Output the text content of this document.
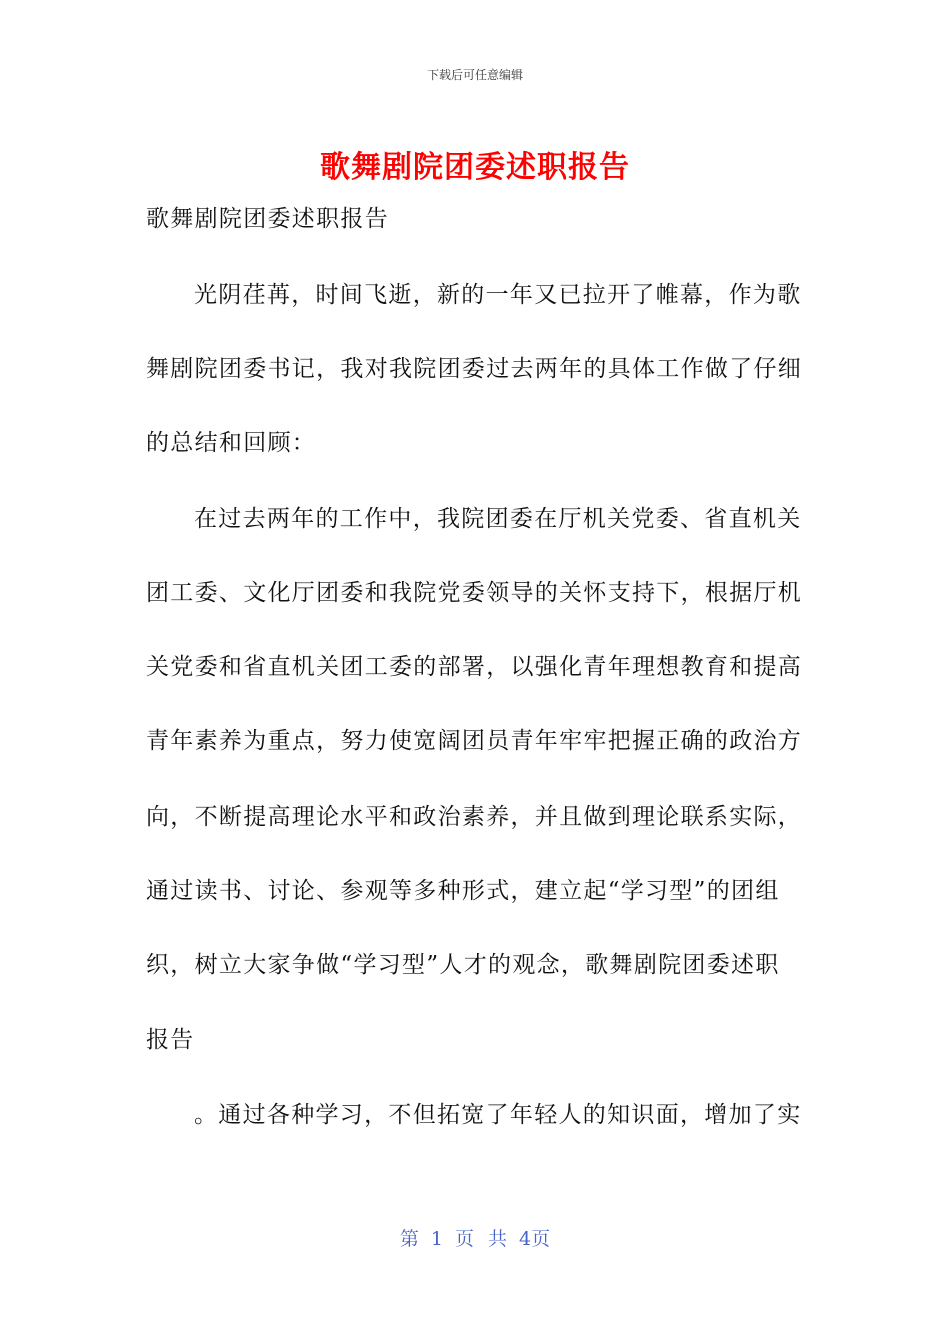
下载后可任意编辑
歌舞剧院团委述职报告
歌舞剧院团委述职报告
光阴荏苒，时间飞逝，新的一年又已拉开了帷幕，作为歌
舞剧院团委书记，我对我院团委过去两年的具体工作做了仔细
的总结和回顾：
在过去两年的工作中，我院团委在厅机关党委、省直机关
团工委、文化厅团委和我院党委领导的关怀支持下，根据厅机
关党委和省直机关团工委的部署，以强化青年理想教育和提高
青年素养为重点，努力使宽阔团员青年牢牢把握正确的政治方
向，不断提高理论水平和政治素养，并且做到理论联系实际，
通过读书、讨论、参观等多种形式，建立起“学习型”的团组
织，树立大家争做“学习型”人才的观念，歌舞剧院团委述职
报告
。通过各种学习，不但拓宽了年轻人的知识面，增加了实
第 1 页 共 4页
